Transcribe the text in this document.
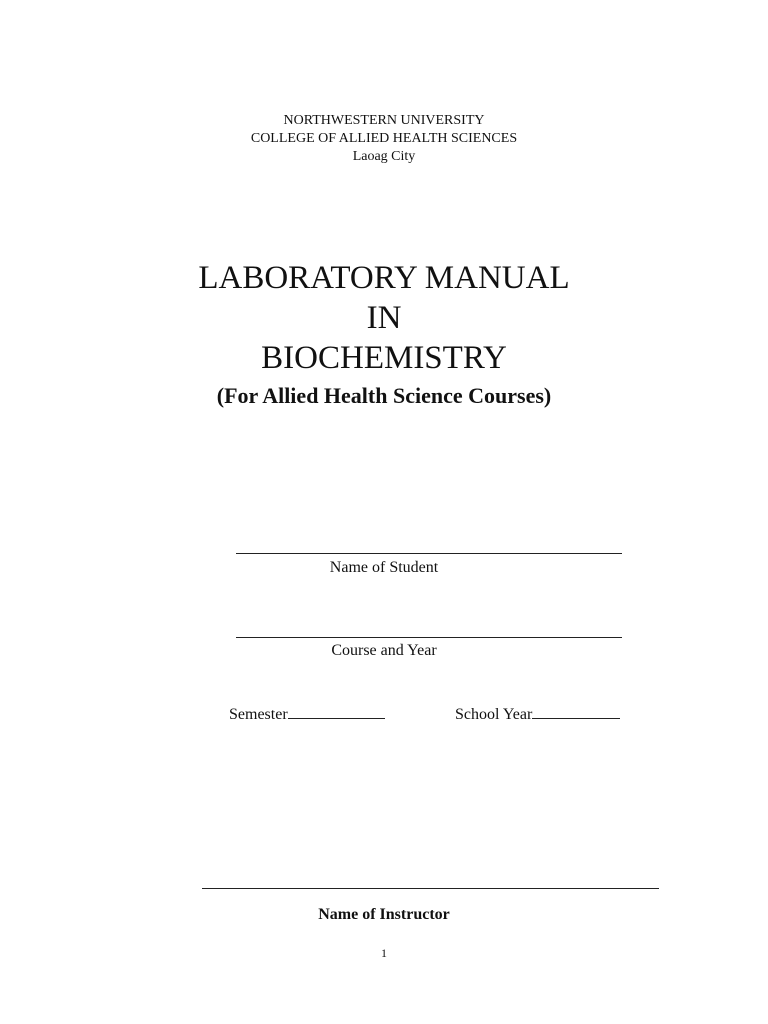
NORTHWESTERN UNIVERSITY
COLLEGE OF ALLIED HEALTH SCIENCES
Laoag City
LABORATORY MANUAL
IN
BIOCHEMISTRY
(For Allied Health Science Courses)
Name of Student
Course and Year
Semester	School Year
Name of Instructor
1
